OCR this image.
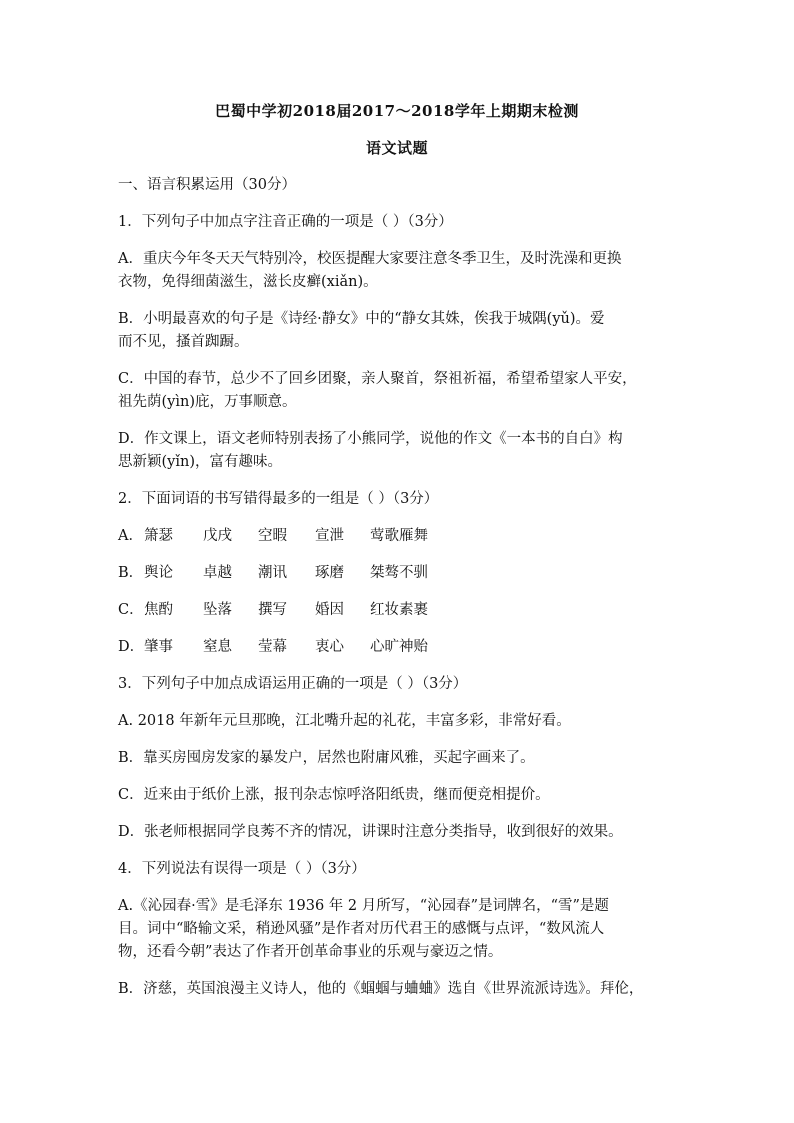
巴蜀中学初2018届2017～2018学年上期期末检测
语文试题
一、语言积累运用（30分）
1．下列句子中加点字注音正确的一项是（ ）（3分）
A．重庆今年冬天天气特别冷，校医提醒大家要注意冬季卫生，及时洗澡和更换
衣物，免得细菌滋生，滋长皮癣(xiǎn)。
B．小明最喜欢的句子是《诗经·静女》中的“静女其姝，俟我于城隅(yǔ)。爱
而不见，搔首踟蹰。
C．中国的春节，总少不了回乡团聚，亲人聚首，祭祖祈福，希望希望家人平安，
祖先荫(yìn)庇，万事顺意。
D．作文课上，语文老师特别表扬了小熊同学，说他的作文《一本书的自白》构
思新颖(yǐn)，富有趣味。
2．下面词语的书写错得最多的一组是（ ）（3分）
A． 箫瑟	戊戌	空暇	宣泄	莺歌雁舞
B． 舆论	卓越	潮讯	琢磨	桀骜不驯
C． 焦酌	坠落	撰写	婚因	红妆素裹
D． 肇事	窒息	莹幕	衷心	心旷神贻
3．下列句子中加点成语运用正确的一项是（ ）（3分）
A. 2018 年新年元旦那晚，江北嘴升起的礼花，丰富多彩，非常好看。
B．靠买房囤房发家的暴发户，居然也附庸风雅，买起字画来了。
C．近来由于纸价上涨，报刊杂志惊呼洛阳纸贵，继而便竞相提价。
D．张老师根据同学良莠不齐的情况，讲课时注意分类指导，收到很好的效果。
4．下列说法有误得一项是（ ）（3分）
A.《沁园春·雪》是毛泽东 1936 年 2 月所写，“沁园春”是词牌名，“雪”是题
目。词中“略输文采，稍逊风骚”是作者对历代君王的感慨与点评，“数风流人
物，还看今朝”表达了作者开创革命事业的乐观与豪迈之情。
B．济慈，英国浪漫主义诗人，他的《蝈蝈与蛐蛐》选自《世界流派诗选》。拜伦，
